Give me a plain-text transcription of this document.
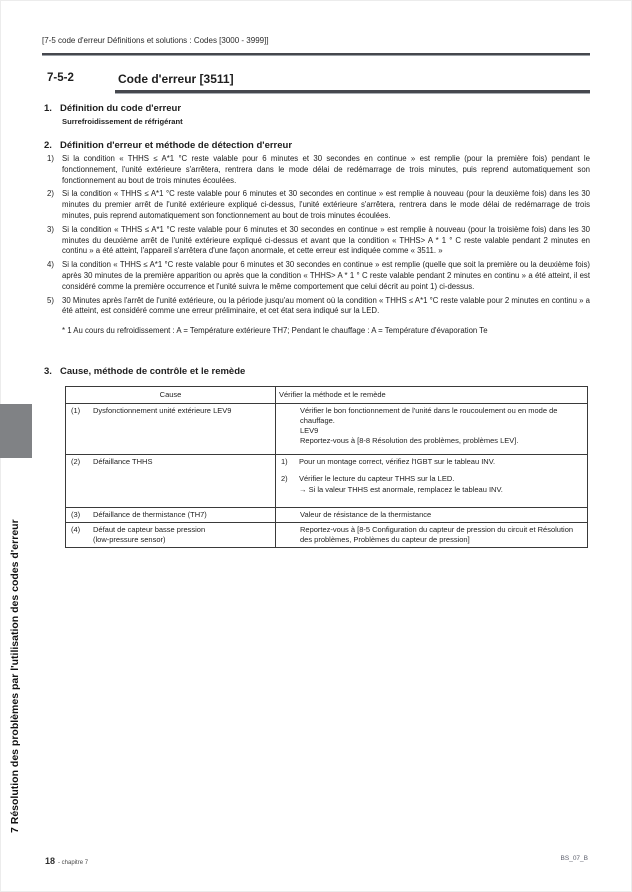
[7-5 code d'erreur Définitions et solutions : Codes [3000 - 3999]]
7-5-2	Code d'erreur [3511]
1. Définition du code d'erreur
Surrefroidissement de réfrigérant
2. Définition d'erreur et méthode de détection d'erreur
1)	Si la condition « THHS ≤ A*1 °C reste valable pour 6 minutes et 30 secondes en continue » est remplie (pour la première fois) pendant le fonctionnement, l'unité extérieure s'arrêtera, rentrera dans le mode délai de redémarrage de trois minutes, puis reprend automatiquement son fonctionnement au bout de trois minutes écoulées.
2)	Si la condition « THHS ≤ A*1 °C reste valable pour 6 minutes et 30 secondes en continue » est remplie à nouveau (pour la deuxième fois) dans les 30 minutes du premier arrêt de l'unité extérieure expliqué ci-dessus, l'unité extérieure s'arrêtera, rentrera dans le mode délai de redémarrage de trois minutes, puis reprend automatiquement son fonctionnement au bout de trois minutes écoulées.
3)	Si la condition « THHS ≤ A*1 °C reste valable pour 6 minutes et 30 secondes en continue » est remplie à nouveau (pour la troisième fois) dans les 30 minutes du deuxième arrêt de l'unité extérieure expliqué ci-dessus et avant que la condition « THHS> A * 1 ° C reste valable pendant 2 minutes en continu » a été atteint, l'appareil s'arrêtera d'une façon anormale, et cette erreur est indiquée comme « 3511. »
4)	Si la condition « THHS ≤ A*1 °C reste valable pour 6 minutes et 30 secondes en continue » est remplie (quelle que soit la première ou la deuxième fois) après 30 minutes de la première apparition ou après que la condition « THHS> A * 1 ° C reste valable pendant 2 minutes en continu » a été atteint, il est considéré comme la première occurrence et l'unité suivra le même comportement que celui décrit au point 1) ci-dessus.
5)	30 Minutes après l'arrêt de l'unité extérieure, ou la période jusqu'au moment où la condition « THHS ≤ A*1 °C reste valable pour 2 minutes en continu » a été atteint, est considéré comme une erreur préliminaire, et cet état sera indiqué sur la LED.
* 1 Au cours du refroidissement : A = Température extérieure TH7; Pendant le chauffage : A = Température d'évaporation Te
3. Cause, méthode de contrôle et le remède
Cause	Vérifier la méthode et le remède

(1)	Dysfonctionnement unité extérieure LEV9	Vérifier le bon fonctionnement de l'unité dans le roucoulement ou en mode de chauffage.
LEV9
Reportez-vous à [8-8 Résolution des problèmes, problèmes LEV].

(2)	Défaillance THHS	1)	Pour un montage correct, vérifiez l'IGBT sur le tableau INV.
2)	Vérifier le lecture du capteur THHS sur la LED.
→ Si la valeur THHS est anormale, remplacez le tableau INV.

(3) Défaillance de thermistance (TH7)	Valeur de résistance de la thermistance

(4) Défaut de capteur basse pression
(low-pressure sensor)	Reportez-vous à [8-5 Configuration du capteur de pression du circuit et Résolution des problèmes, Problèmes du capteur de pression]
7 Résolution des problèmes par l'utilisation des codes d'erreur
18 - chapitre 7
BS_07_B
